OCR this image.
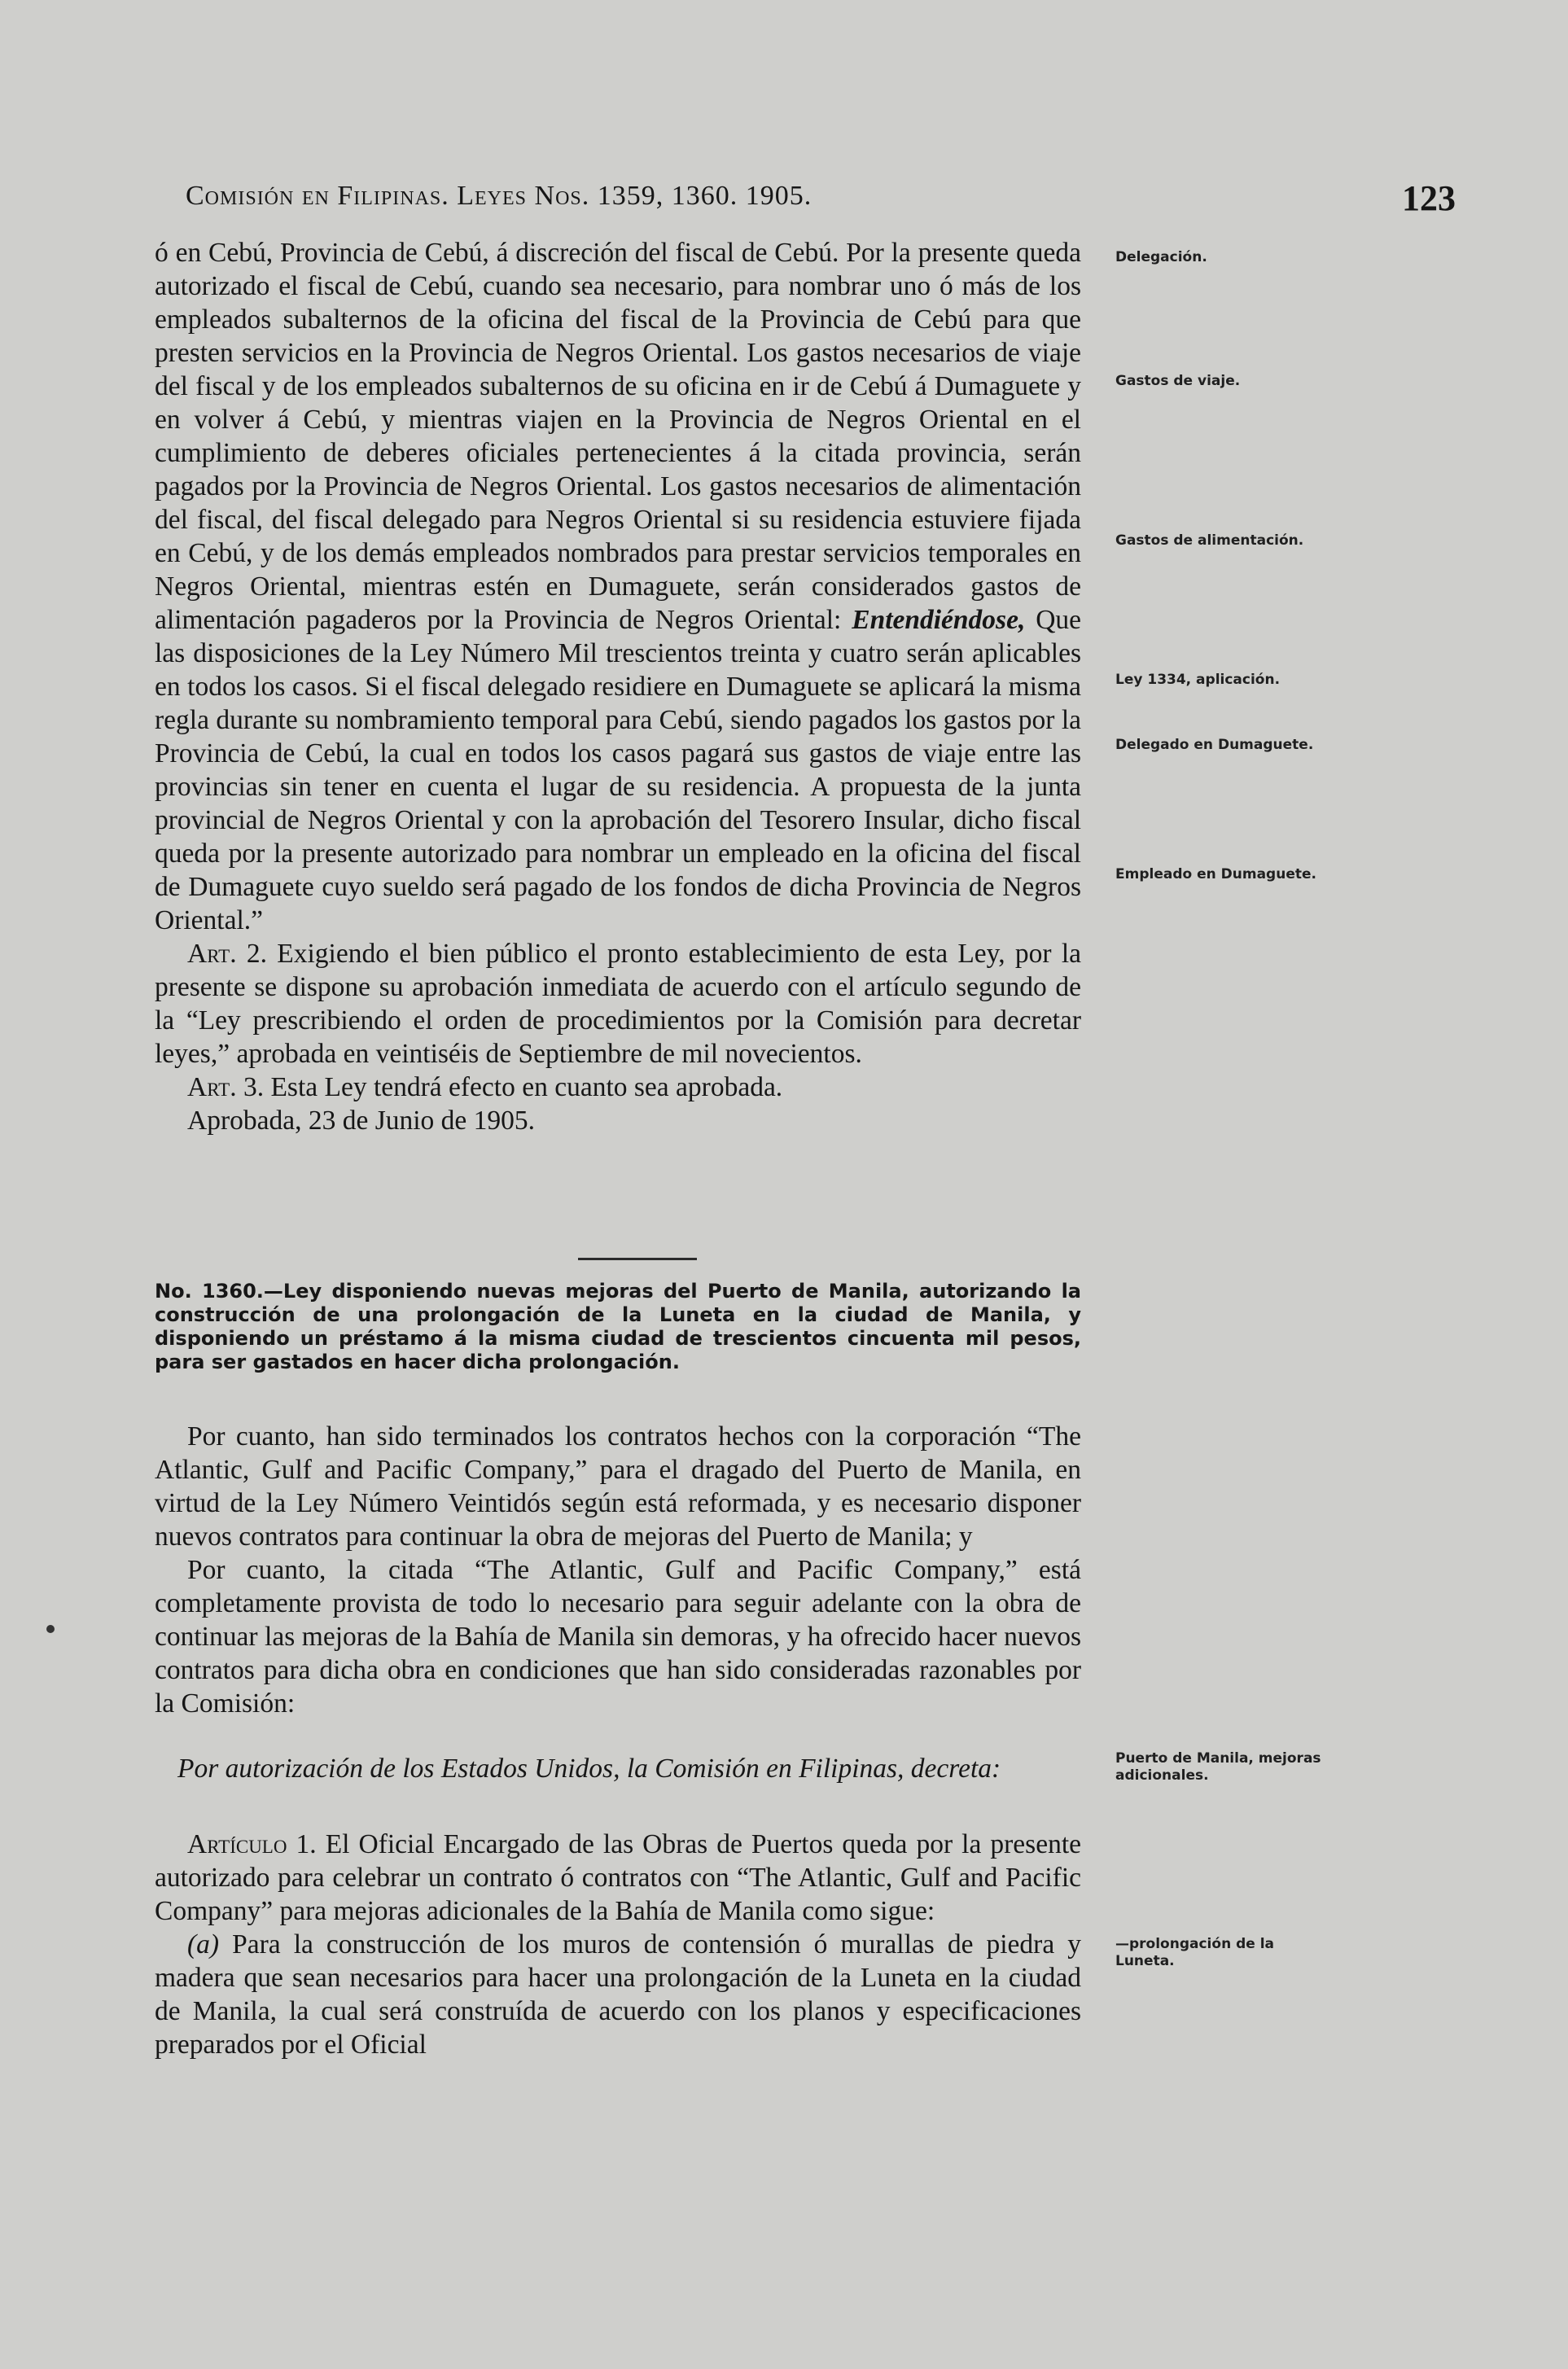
Comisión en Filipinas. Leyes Nos. 1359, 1360. 1905.	123

ó en Cebú, Provincia de Cebú, á discreción del fiscal de Cebú. Por la presente queda autorizado el fiscal de Cebú, cuando sea necesario, para nombrar uno ó más de los empleados subalternos de la oficina del fiscal de la Provincia de Cebú para que presten servicios en la Provincia de Negros Oriental. Los gastos necesarios de viaje del fiscal y de los empleados subalternos de su oficina en ir de Cebú á Dumaguete y en volver á Cebú, y mientras viajen en la Provincia de Negros Oriental en el cumplimiento de deberes oficiales pertenecientes á la citada provincia, serán pagados por la Provincia de Negros Oriental. Los gastos necesarios de alimentación del fiscal, del fiscal delegado para Negros Oriental si su residencia estuviere fijada en Cebú, y de los demás empleados nombrados para prestar servicios temporales en Negros Oriental, mientras estén en Dumaguete, serán considerados gastos de alimentación pagaderos por la Provincia de Negros Oriental: Entendiéndose, Que las disposiciones de la Ley Número Mil trescientos treinta y cuatro serán aplicables en todos los casos. Si el fiscal delegado residiere en Dumaguete se aplicará la misma regla durante su nombramiento temporal para Cebú, siendo pagados los gastos por la Provincia de Cebú, la cual en todos los casos pagará sus gastos de viaje entre las provincias sin tener en cuenta el lugar de su residencia. A propuesta de la junta provincial de Negros Oriental y con la aprobación del Tesorero Insular, dicho fiscal queda por la presente autorizado para nombrar un empleado en la oficina del fiscal de Dumaguete cuyo sueldo será pagado de los fondos de dicha Provincia de Negros Oriental.”

Art. 2. Exigiendo el bien público el pronto establecimiento de esta Ley, por la presente se dispone su aprobación inmediata de acuerdo con el artículo segundo de la “Ley prescribiendo el orden de procedimientos por la Comisión para decretar leyes,” aprobada en veintiséis de Septiembre de mil novecientos.

Art. 3. Esta Ley tendrá efecto en cuanto sea aprobada.

Aprobada, 23 de Junio de 1905.

No. 1360.—Ley disponiendo nuevas mejoras del Puerto de Manila, autorizando la construcción de una prolongación de la Luneta en la ciudad de Manila, y disponiendo un préstamo á la misma ciudad de trescientos cincuenta mil pesos, para ser gastados en hacer dicha prolongación.

Por cuanto, han sido terminados los contratos hechos con la corporación “The Atlantic, Gulf and Pacific Company,” para el dragado del Puerto de Manila, en virtud de la Ley Número Veintidós según está reformada, y es necesario disponer nuevos contratos para continuar la obra de mejoras del Puerto de Manila; y

Por cuanto, la citada “The Atlantic, Gulf and Pacific Company,” está completamente provista de todo lo necesario para seguir adelante con la obra de continuar las mejoras de la Bahía de Manila sin demoras, y ha ofrecido hacer nuevos contratos para dicha obra en condiciones que han sido consideradas razonables por la Comisión:

Por autorización de los Estados Unidos, la Comisión en Filipinas, decreta:

Artículo 1. El Oficial Encargado de las Obras de Puertos queda por la presente autorizado para celebrar un contrato ó contratos con “The Atlantic, Gulf and Pacific Company” para mejoras adicionales de la Bahía de Manila como sigue:

(a) Para la construcción de los muros de contensión ó murallas de piedra y madera que sean necesarios para hacer una prolongación de la Luneta en la ciudad de Manila, la cual será construída de acuerdo con los planos y especificaciones preparados por el Oficial

Delegación.
Gastos de viaje.
Gastos de alimentación.
Ley 1334, aplicación.
Delegado en Dumaguete.
Empleado en Dumaguete.
Puerto de Manila, mejoras adicionales.
—prolongación de la Luneta.
